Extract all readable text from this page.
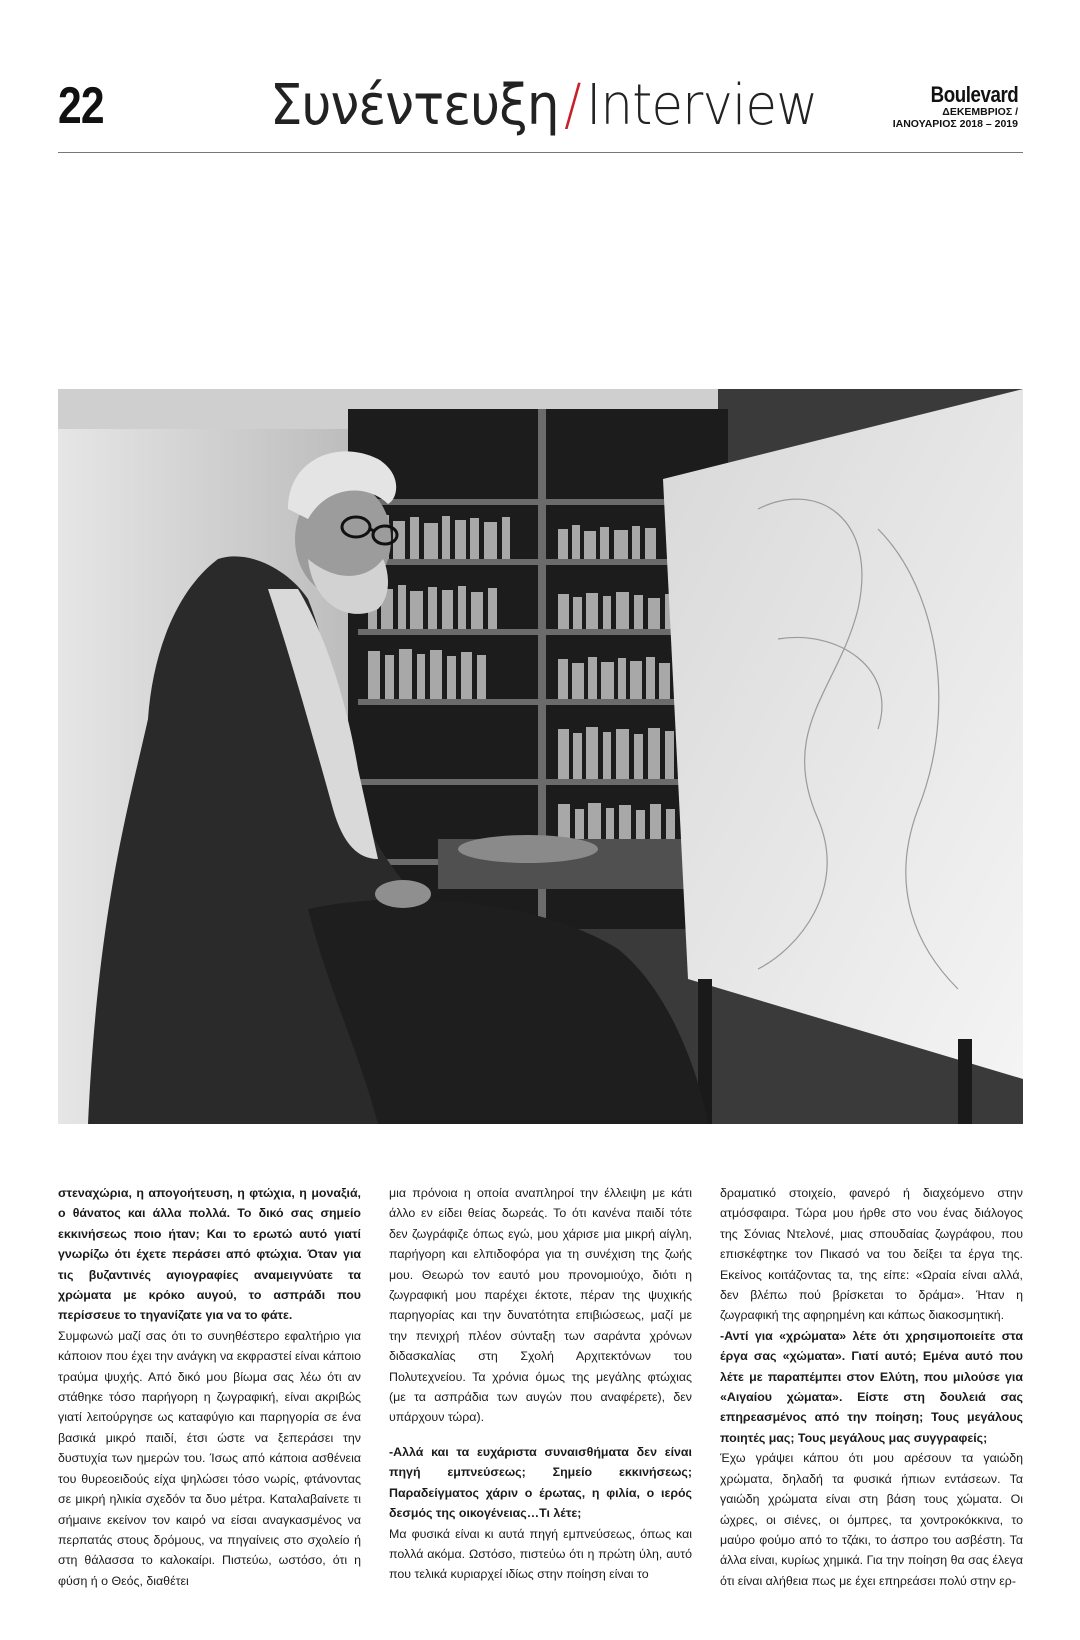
22	Συνέντευξη/Interview	Boulevard
ΔΕΚΕΜΒΡΙΟΣ /
ΙΑΝΟΥΑΡΙΟΣ 2018 – 2019

στεναχώρια, η απογοήτευση, η φτώχια, η μοναξιά, ο θάνατος και άλλα πολλά. Το δικό σας σημείο εκκινήσεως ποιο ήταν; Και το ερωτώ αυτό γιατί γνωρίζω ότι έχετε περάσει από φτώχια. Όταν για τις βυζαντινές αγιογραφίες αναμειγνύατε τα χρώματα με κρόκο αυγού, το ασπράδι που περίσσευε το τηγανίζατε για να το φάτε.

Συμφωνώ μαζί σας ότι το συνηθέστερο εφαλτήριο για κάποιον που έχει την ανάγκη να εκφραστεί είναι κάποιο τραύμα ψυχής. Από δικό μου βίωμα σας λέω ότι αν στάθηκε τόσο παρήγορη η ζωγραφική, είναι ακριβώς γιατί λειτούργησε ως καταφύγιο και παρηγορία σε ένα βασικά μικρό παιδί, έτσι ώστε να ξεπεράσει την δυστυχία των ημερών του. Ίσως από κάποια ασθένεια του θυρεοειδούς είχα ψηλώσει τόσο νωρίς, φτάνοντας σε μικρή ηλικία σχεδόν τα δυο μέτρα. Καταλαβαίνετε τι σήμαινε εκείνον τον καιρό να είσαι αναγκασμένος να περπατάς στους δρόμους, να πηγαίνεις στο σχολείο ή στη θάλασσα το καλοκαίρι. Πιστεύω, ωστόσο, ότι η φύση ή ο Θεός, διαθέτει

μια πρόνοια η οποία αναπληροί την έλλειψη με κάτι άλλο εν είδει θείας δωρεάς. Το ότι κανένα παιδί τότε δεν ζωγράφιζε όπως εγώ, μου χάρισε μια μικρή αίγλη, παρήγορη και ελπιδοφόρα για τη συνέχιση της ζωής μου. Θεωρώ τον εαυτό μου προνομιούχο, διότι η ζωγραφική μου παρέχει έκτοτε, πέραν της ψυχικής παρηγορίας και την δυνατότητα επιβιώσεως, μαζί με την πενιχρή πλέον σύνταξη των σαράντα χρόνων διδασκαλίας στη Σχολή Αρχιτεκτόνων του Πολυτεχνείου. Τα χρόνια όμως της μεγάλης φτώχιας (με τα ασπράδια των αυγών που αναφέρετε), δεν υπάρχουν τώρα).

-Αλλά και τα ευχάριστα συναισθήματα δεν είναι πηγή εμπνεύσεως; Σημείο εκκινήσεως; Παραδείγματος χάριν ο έρωτας, η φιλία, ο ιερός δεσμός της οικογένειας…Τι λέτε;

Μα φυσικά είναι κι αυτά πηγή εμπνεύσεως, όπως και πολλά ακόμα. Ωστόσο, πιστεύω ότι η πρώτη ύλη, αυτό που τελικά κυριαρχεί ιδίως στην ποίηση είναι το

δραματικό στοιχείο, φανερό ή διαχεόμενο στην ατμόσφαιρα. Τώρα μου ήρθε στο νου ένας διάλογος της Σόνιας Ντελονέ, μιας σπουδαίας ζωγράφου, που επισκέφτηκε τον Πικασό να του δείξει τα έργα της. Εκείνος κοιτάζοντας τα, της είπε: «Ωραία είναι αλλά, δεν βλέπω πού βρίσκεται το δράμα». Ήταν η ζωγραφική της αφηρημένη και κάπως διακοσμητική.

-Αντί για «χρώματα» λέτε ότι χρησιμοποιείτε στα έργα σας «χώματα». Γιατί αυτό; Εμένα αυτό που λέτε με παραπέμπει στον Ελύτη, που μιλούσε για «Αιγαίου χώματα». Είστε στη δουλειά σας επηρεασμένος από την ποίηση; Τους μεγάλους ποιητές μας; Τους μεγάλους μας συγγραφείς;

Έχω γράψει κάπου ότι μου αρέσουν τα γαιώδη χρώματα, δηλαδή τα φυσικά ήπιων εντάσεων. Τα γαιώδη χρώματα είναι στη βάση τους χώματα. Οι ώχρες, οι σιένες, οι όμπρες, τα χοντροκόκκινα, το μαύρο φούμο από το τζάκι, το άσπρο του ασβέστη. Τα άλλα είναι, κυρίως χημικά. Για την ποίηση θα σας έλεγα ότι είναι αλήθεια πως με έχει επηρεάσει πολύ στην ερ-
